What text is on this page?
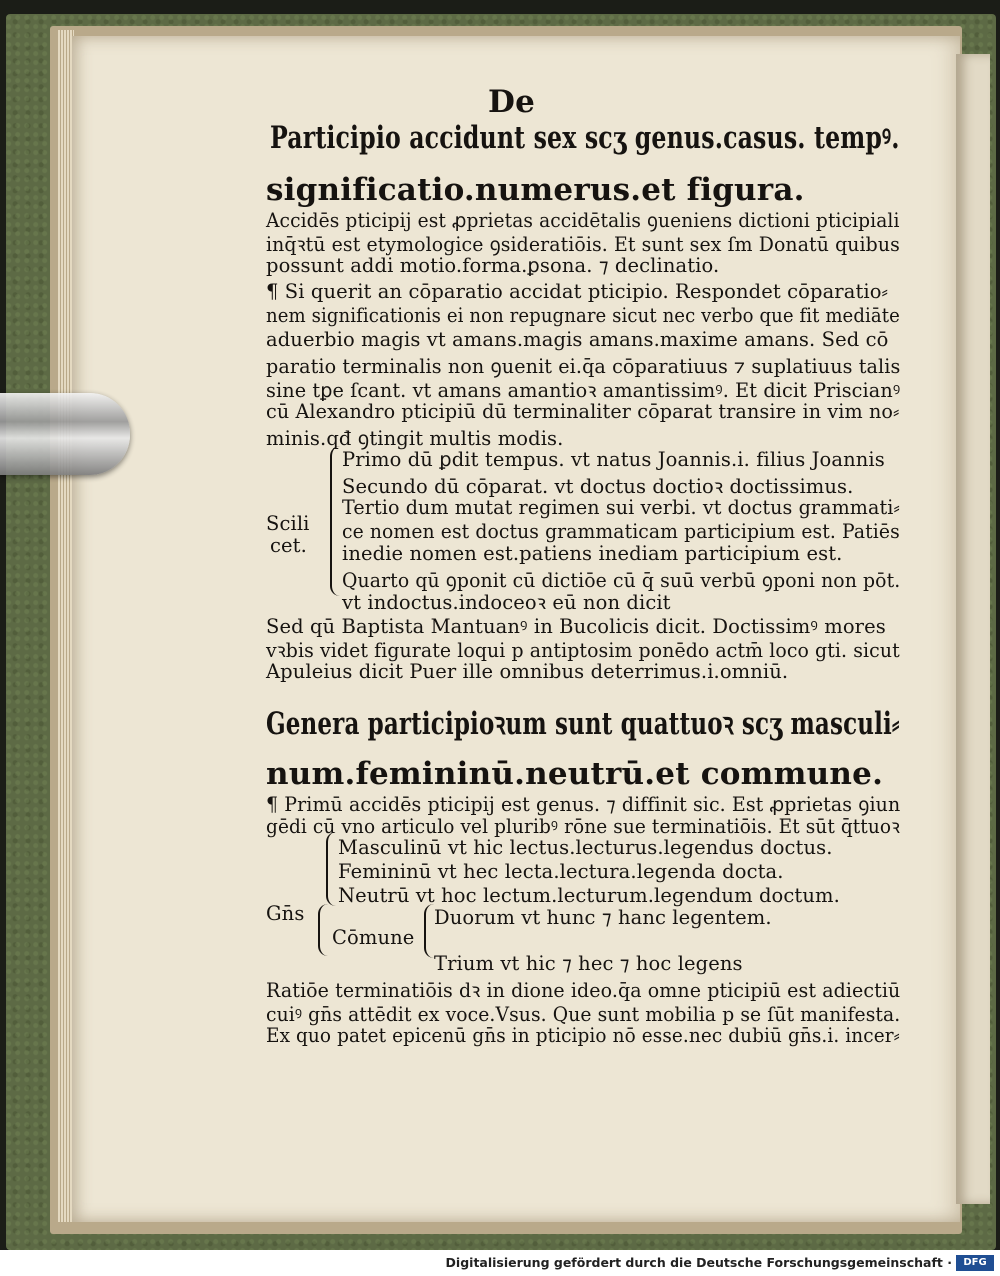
De
Participio accidunt sex scʒ genus.casus. tempꝰ.
significatio.numerus.et figura.
Accidēs pticipij est ꝓprietas accidētalis ꝯueniens dictioni pticipiali
inq̄ꝛtū est etymologice ꝯsideratiōis. Et sunt sex ſm Donatū quibus
possunt addi motio.forma.ꝑsona. ⁊ declinatio.
¶ Si querit an cōparatio accidat pticipio. Respondet cōparatio⸗
nem significationis ei non repugnare sicut nec verbo que fit mediāte
aduerbio magis vt amans.magis amans.maxime amans. Sed cō
paratio terminalis non ꝯuenit ei.q̄a cōparatiuus ⁊ suplatiuus talis
sine tꝑe ſcant. vt amans amantioꝛ amantissimꝰ. Et dicit Priscianꝰ
cū Alexandro pticipiū dū terminaliter cōparat transire in vim no⸗
minis.qđ ꝯtingit multis modis.
Primo dū ꝑdit tempus. vt natus Joannis.i. filius Joannis
Secundo dū cōparat. vt doctus doctioꝛ doctissimus.
Tertio dum mutat regimen sui verbi. vt doctus grammati⸗
Scili ce nomen est doctus grammaticam participium est. Patiēs
cet. inedie nomen est.patiens inediam participium est.
Quarto qū ꝯponit cū dictiōe cū q̄ suū verbū ꝯponi non pōt.
vt indoctus.indoceoꝛ eū non dicit
Sed qū Baptista Mantuanꝰ in Bucolicis dicit. Doctissimꝰ mores
vꝛbis videt figurate loqui p antiptosim ponēdo actm̄ loco gti. sicut
Apuleius dicit Puer ille omnibus deterrimus.i.omniū.
Genera participioꝛum sunt quattuoꝛ scʒ masculi⸗
num.femininū.neutrū.et commune.
¶ Primū accidēs pticipij est genus. ⁊ diffinit sic. Est ꝓprietas ꝯiun
gēdi cū vno articulo vel pluribꝰ rōne sue terminatiōis. Et sūt q̄ttuoꝛ
Masculinū vt hic lectus.lecturus.legendus doctus.
Femininū vt hec lecta.lectura.legenda docta.
Neutrū vt hoc lectum.lecturum.legendum doctum.
Gn̄s	Duorum vt hunc ⁊ hanc legentem.
Cōmune
Trium vt hic ⁊ hec ⁊ hoc legens
Ratiōe terminatiōis dꝛ in dione ideo.q̄a omne pticipiū est adiectiū
cuiꝰ gn̄s attēdit ex voce.Vsus. Que sunt mobilia p se ſūt manifesta.
Ex quo patet epicenū gn̄s in pticipio nō esse.nec dubiū gn̄s.i. incer⸗
Digitalisierung gefördert durch die Deutsche Forschungsgemeinschaft ·	DFG
